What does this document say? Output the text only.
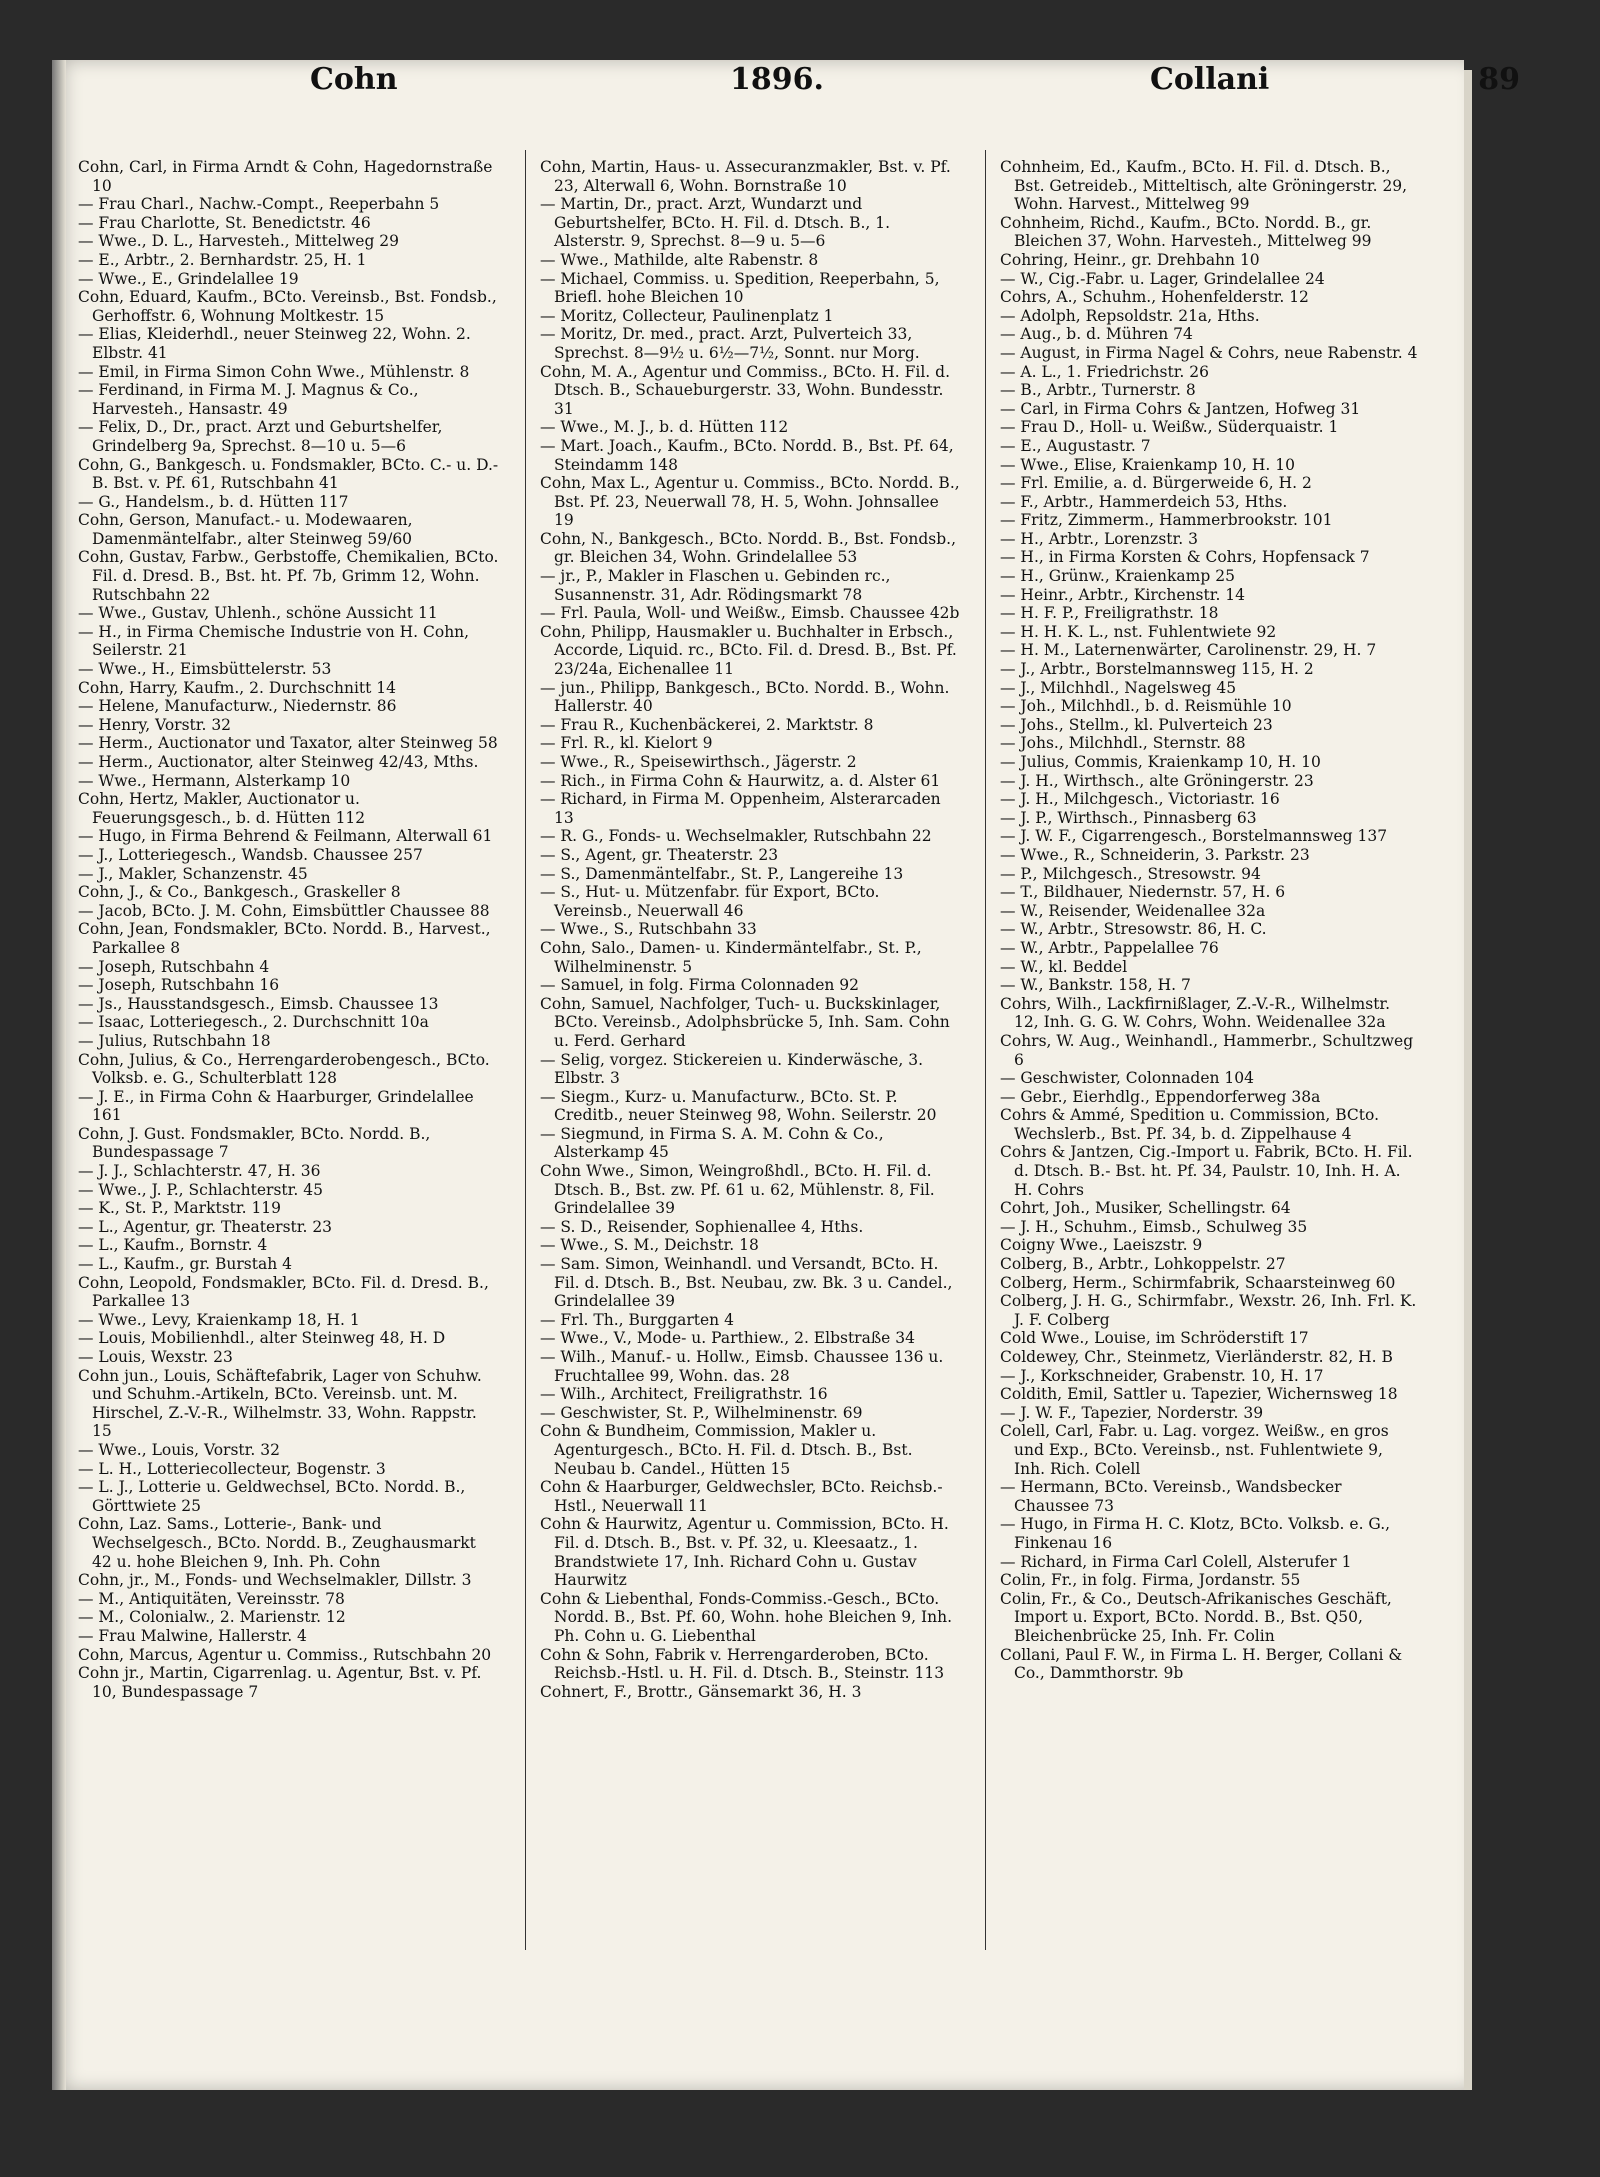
Cohn	1896.	Collani	89

Cohn, Carl, in Firma Arndt & Cohn, Hagedornstraße 10

— Frau Charl., Nachw.-Compt., Reeperbahn 5

— Frau Charlotte, St. Benedictstr. 46

— Wwe., D. L., Harvesteh., Mittelweg 29

— E., Arbtr., 2. Bernhardstr. 25, H. 1

— Wwe., E., Grindelallee 19

Cohn, Eduard, Kaufm., BCto. Vereinsb., Bst. Fondsb., Gerhoffstr. 6, Wohnung Moltkestr. 15

— Elias, Kleiderhdl., neuer Steinweg 22, Wohn. 2. Elbstr. 41

— Emil, in Firma Simon Cohn Wwe., Mühlenstr. 8

— Ferdinand, in Firma M. J. Magnus & Co., Harvesteh., Hansastr. 49

— Felix, D., Dr., pract. Arzt und Geburtshelfer, Grindelberg 9a, Sprechst. 8—10 u. 5—6

Cohn, G., Bankgesch. u. Fondsmakler, BCto. C.- u. D.-B. Bst. v. Pf. 61, Rutschbahn 41

— G., Handelsm., b. d. Hütten 117

Cohn, Gerson, Manufact.- u. Modewaaren, Damenmäntelfabr., alter Steinweg 59/60

Cohn, Gustav, Farbw., Gerbstoffe, Chemikalien, BCto. Fil. d. Dresd. B., Bst. ht. Pf. 7b, Grimm 12, Wohn. Rutschbahn 22

— Wwe., Gustav, Uhlenh., schöne Aussicht 11

— H., in Firma Chemische Industrie von H. Cohn, Seilerstr. 21

— Wwe., H., Eimsbüttelerstr. 53

Cohn, Harry, Kaufm., 2. Durchschnitt 14

— Helene, Manufacturw., Niedernstr. 86

— Henry, Vorstr. 32

— Herm., Auctionator und Taxator, alter Steinweg 58

— Herm., Auctionator, alter Steinweg 42/43, Mths.

— Wwe., Hermann, Alsterkamp 10

Cohn, Hertz, Makler, Auctionator u. Feuerungsgesch., b. d. Hütten 112

— Hugo, in Firma Behrend & Feilmann, Alterwall 61

— J., Lotteriegesch., Wandsb. Chaussee 257

— J., Makler, Schanzenstr. 45

Cohn, J., & Co., Bankgesch., Graskeller 8

— Jacob, BCto. J. M. Cohn, Eimsbüttler Chaussee 88

Cohn, Jean, Fondsmakler, BCto. Nordd. B., Harvest., Parkallee 8

— Joseph, Rutschbahn 4

— Joseph, Rutschbahn 16

— Js., Hausstandsgesch., Eimsb. Chaussee 13

— Isaac, Lotteriegesch., 2. Durchschnitt 10a

— Julius, Rutschbahn 18

Cohn, Julius, & Co., Herrengarderobengesch., BCto. Volksb. e. G., Schulterblatt 128

— J. E., in Firma Cohn & Haarburger, Grindelallee 161

Cohn, J. Gust. Fondsmakler, BCto. Nordd. B., Bundespassage 7

— J. J., Schlachterstr. 47, H. 36

— Wwe., J. P., Schlachterstr. 45

— K., St. P., Marktstr. 119

— L., Agentur, gr. Theaterstr. 23

— L., Kaufm., Bornstr. 4

— L., Kaufm., gr. Burstah 4

Cohn, Leopold, Fondsmakler, BCto. Fil. d. Dresd. B., Parkallee 13

— Wwe., Levy, Kraienkamp 18, H. 1

— Louis, Mobilienhdl., alter Steinweg 48, H. D

— Louis, Wexstr. 23

Cohn jun., Louis, Schäftefabrik, Lager von Schuhw. und Schuhm.-Artikeln, BCto. Vereinsb. unt. M. Hirschel, Z.-V.-R., Wilhelmstr. 33, Wohn. Rappstr. 15

— Wwe., Louis, Vorstr. 32

— L. H., Lotteriecollecteur, Bogenstr. 3

— L. J., Lotterie u. Geldwechsel, BCto. Nordd. B., Görttwiete 25

Cohn, Laz. Sams., Lotterie-, Bank- und Wechselgesch., BCto. Nordd. B., Zeughausmarkt 42 u. hohe Bleichen 9, Inh. Ph. Cohn

Cohn, jr., M., Fonds- und Wechselmakler, Dillstr. 3

— M., Antiquitäten, Vereinsstr. 78

— M., Colonialw., 2. Marienstr. 12

— Frau Malwine, Hallerstr. 4

Cohn, Marcus, Agentur u. Commiss., Rutschbahn 20

Cohn jr., Martin, Cigarrenlag. u. Agentur, Bst. v. Pf. 10, Bundespassage 7

Cohn, Martin, Haus- u. Assecuranzmakler, Bst. v. Pf. 23, Alterwall 6, Wohn. Bornstraße 10

— Martin, Dr., pract. Arzt, Wundarzt und Geburtshelfer, BCto. H. Fil. d. Dtsch. B., 1. Alsterstr. 9, Sprechst. 8—9 u. 5—6

— Wwe., Mathilde, alte Rabenstr. 8

— Michael, Commiss. u. Spedition, Reeperbahn, 5, Briefl. hohe Bleichen 10

— Moritz, Collecteur, Paulinenplatz 1

— Moritz, Dr. med., pract. Arzt, Pulverteich 33, Sprechst. 8—9½ u. 6½—7½, Sonnt. nur Morg.

Cohn, M. A., Agentur und Commiss., BCto. H. Fil. d. Dtsch. B., Schaueburgerstr. 33, Wohn. Bundesstr. 31

— Wwe., M. J., b. d. Hütten 112

— Mart. Joach., Kaufm., BCto. Nordd. B., Bst. Pf. 64, Steindamm 148

Cohn, Max L., Agentur u. Commiss., BCto. Nordd. B., Bst. Pf. 23, Neuerwall 78, H. 5, Wohn. Johnsallee 19

Cohn, N., Bankgesch., BCto. Nordd. B., Bst. Fondsb., gr. Bleichen 34, Wohn. Grindelallee 53

— jr., P., Makler in Flaschen u. Gebinden rc., Susannenstr. 31, Adr. Rödingsmarkt 78

— Frl. Paula, Woll- und Weißw., Eimsb. Chaussee 42b

Cohn, Philipp, Hausmakler u. Buchhalter in Erbsch., Accorde, Liquid. rc., BCto. Fil. d. Dresd. B., Bst. Pf. 23/24a, Eichenallee 11

— jun., Philipp, Bankgesch., BCto. Nordd. B., Wohn. Hallerstr. 40

— Frau R., Kuchenbäckerei, 2. Marktstr. 8

— Frl. R., kl. Kielort 9

— Wwe., R., Speisewirthsch., Jägerstr. 2

— Rich., in Firma Cohn & Haurwitz, a. d. Alster 61

— Richard, in Firma M. Oppenheim, Alsterarcaden 13

— R. G., Fonds- u. Wechselmakler, Rutschbahn 22

— S., Agent, gr. Theaterstr. 23

— S., Damenmäntelfabr., St. P., Langereihe 13

— S., Hut- u. Mützenfabr. für Export, BCto. Vereinsb., Neuerwall 46

— Wwe., S., Rutschbahn 33

Cohn, Salo., Damen- u. Kindermäntelfabr., St. P., Wilhelminenstr. 5

— Samuel, in folg. Firma Colonnaden 92

Cohn, Samuel, Nachfolger, Tuch- u. Buckskinlager, BCto. Vereinsb., Adolphsbrücke 5, Inh. Sam. Cohn u. Ferd. Gerhard

— Selig, vorgez. Stickereien u. Kinderwäsche, 3. Elbstr. 3

— Siegm., Kurz- u. Manufacturw., BCto. St. P. Creditb., neuer Steinweg 98, Wohn. Seilerstr. 20

— Siegmund, in Firma S. A. M. Cohn & Co., Alsterkamp 45

Cohn Wwe., Simon, Weingroßhdl., BCto. H. Fil. d. Dtsch. B., Bst. zw. Pf. 61 u. 62, Mühlenstr. 8, Fil. Grindelallee 39

— S. D., Reisender, Sophienallee 4, Hths.

— Wwe., S. M., Deichstr. 18

— Sam. Simon, Weinhandl. und Versandt, BCto. H. Fil. d. Dtsch. B., Bst. Neubau, zw. Bk. 3 u. Candel., Grindelallee 39

— Frl. Th., Burggarten 4

— Wwe., V., Mode- u. Parthiew., 2. Elbstraße 34

— Wilh., Manuf.- u. Hollw., Eimsb. Chaussee 136 u. Fruchtallee 99, Wohn. das. 28

— Wilh., Architect, Freiligrathstr. 16

— Geschwister, St. P., Wilhelminenstr. 69

Cohn & Bundheim, Commission, Makler u. Agenturgesch., BCto. H. Fil. d. Dtsch. B., Bst. Neubau b. Candel., Hütten 15

Cohn & Haarburger, Geldwechsler, BCto. Reichsb.-Hstl., Neuerwall 11

Cohn & Haurwitz, Agentur u. Commission, BCto. H. Fil. d. Dtsch. B., Bst. v. Pf. 32, u. Kleesaatz., 1. Brandstwiete 17, Inh. Richard Cohn u. Gustav Haurwitz

Cohn & Liebenthal, Fonds-Commiss.-Gesch., BCto. Nordd. B., Bst. Pf. 60, Wohn. hohe Bleichen 9, Inh. Ph. Cohn u. G. Liebenthal

Cohn & Sohn, Fabrik v. Herrengarderoben, BCto. Reichsb.-Hstl. u. H. Fil. d. Dtsch. B., Steinstr. 113

Cohnert, F., Brottr., Gänsemarkt 36, H. 3

Cohnheim, Ed., Kaufm., BCto. H. Fil. d. Dtsch. B., Bst. Getreideb., Mitteltisch, alte Gröningerstr. 29, Wohn. Harvest., Mittelweg 99

Cohnheim, Richd., Kaufm., BCto. Nordd. B., gr. Bleichen 37, Wohn. Harvesteh., Mittelweg 99

Cohring, Heinr., gr. Drehbahn 10

— W., Cig.-Fabr. u. Lager, Grindelallee 24

Cohrs, A., Schuhm., Hohenfelderstr. 12

— Adolph, Repsoldstr. 21a, Hths.

— Aug., b. d. Mühren 74

— August, in Firma Nagel & Cohrs, neue Rabenstr. 4

— A. L., 1. Friedrichstr. 26

— B., Arbtr., Turnerstr. 8

— Carl, in Firma Cohrs & Jantzen, Hofweg 31

— Frau D., Holl- u. Weißw., Süderquaistr. 1

— E., Augustastr. 7

— Wwe., Elise, Kraienkamp 10, H. 10

— Frl. Emilie, a. d. Bürgerweide 6, H. 2

— F., Arbtr., Hammerdeich 53, Hths.

— Fritz, Zimmerm., Hammerbrookstr. 101

— H., Arbtr., Lorenzstr. 3

— H., in Firma Korsten & Cohrs, Hopfensack 7

— H., Grünw., Kraienkamp 25

— Heinr., Arbtr., Kirchenstr. 14

— H. F. P., Freiligrathstr. 18

— H. H. K. L., nst. Fuhlentwiete 92

— H. M., Laternenwärter, Carolinenstr. 29, H. 7

— J., Arbtr., Borstelmannsweg 115, H. 2

— J., Milchhdl., Nagelsweg 45

— Joh., Milchhdl., b. d. Reismühle 10

— Johs., Stellm., kl. Pulverteich 23

— Johs., Milchhdl., Sternstr. 88

— Julius, Commis, Kraienkamp 10, H. 10

— J. H., Wirthsch., alte Gröningerstr. 23

— J. H., Milchgesch., Victoriastr. 16

— J. P., Wirthsch., Pinnasberg 63

— J. W. F., Cigarrengesch., Borstelmannsweg 137

— Wwe., R., Schneiderin, 3. Parkstr. 23

— P., Milchgesch., Stresowstr. 94

— T., Bildhauer, Niedernstr. 57, H. 6

— W., Reisender, Weidenallee 32a

— W., Arbtr., Stresowstr. 86, H. C.

— W., Arbtr., Pappelallee 76

— W., kl. Beddel

— W., Bankstr. 158, H. 7

Cohrs, Wilh., Lackfirnißlager, Z.-V.-R., Wilhelmstr. 12, Inh. G. G. W. Cohrs, Wohn. Weidenallee 32a

Cohrs, W. Aug., Weinhandl., Hammerbr., Schultzweg 6

— Geschwister, Colonnaden 104

— Gebr., Eierhdlg., Eppendorferweg 38a

Cohrs & Ammé, Spedition u. Commission, BCto. Wechslerb., Bst. Pf. 34, b. d. Zippelhause 4

Cohrs & Jantzen, Cig.-Import u. Fabrik, BCto. H. Fil. d. Dtsch. B.- Bst. ht. Pf. 34, Paulstr. 10, Inh. H. A. H. Cohrs

Cohrt, Joh., Musiker, Schellingstr. 64

— J. H., Schuhm., Eimsb., Schulweg 35

Coigny Wwe., Laeiszstr. 9

Colberg, B., Arbtr., Lohkoppelstr. 27

Colberg, Herm., Schirmfabrik, Schaarsteinweg 60

Colberg, J. H. G., Schirmfabr., Wexstr. 26, Inh. Frl. K. J. F. Colberg

Cold Wwe., Louise, im Schröderstift 17

Coldewey, Chr., Steinmetz, Vierländerstr. 82, H. B

— J., Korkschneider, Grabenstr. 10, H. 17

Coldith, Emil, Sattler u. Tapezier, Wichernsweg 18

— J. W. F., Tapezier, Norderstr. 39

Colell, Carl, Fabr. u. Lag. vorgez. Weißw., en gros und Exp., BCto. Vereinsb., nst. Fuhlentwiete 9, Inh. Rich. Colell

— Hermann, BCto. Vereinsb., Wandsbecker Chaussee 73

— Hugo, in Firma H. C. Klotz, BCto. Volksb. e. G., Finkenau 16

— Richard, in Firma Carl Colell, Alsterufer 1

Colin, Fr., in folg. Firma, Jordanstr. 55

Colin, Fr., & Co., Deutsch-Afrikanisches Geschäft, Import u. Export, BCto. Nordd. B., Bst. Q50, Bleichenbrücke 25, Inh. Fr. Colin

Collani, Paul F. W., in Firma L. H. Berger, Collani & Co., Dammthorstr. 9b
